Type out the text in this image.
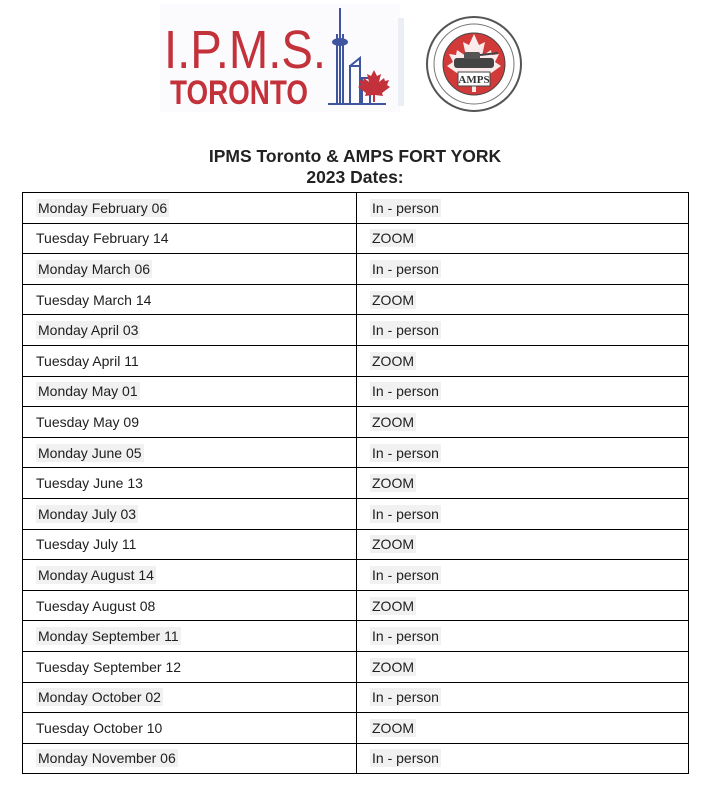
I.P.M.S.
TORONTO	AMPS
IPMS Toronto & AMPS FORT YORK
2023 Dates:
Monday February 06	In - person
Tuesday February 14	ZOOM
Monday March 06	In - person
Tuesday March 14	ZOOM
Monday April 03	In - person
Tuesday April 11	ZOOM
Monday May 01	In - person
Tuesday May 09	ZOOM
Monday June 05	In - person
Tuesday June 13	ZOOM
Monday July 03	In - person
Tuesday July 11	ZOOM
Monday August 14	In - person
Tuesday August 08	ZOOM
Monday September 11	In - person
Tuesday September 12	ZOOM
Monday October 02	In - person
Tuesday October 10	ZOOM
Monday November 06	In - person
